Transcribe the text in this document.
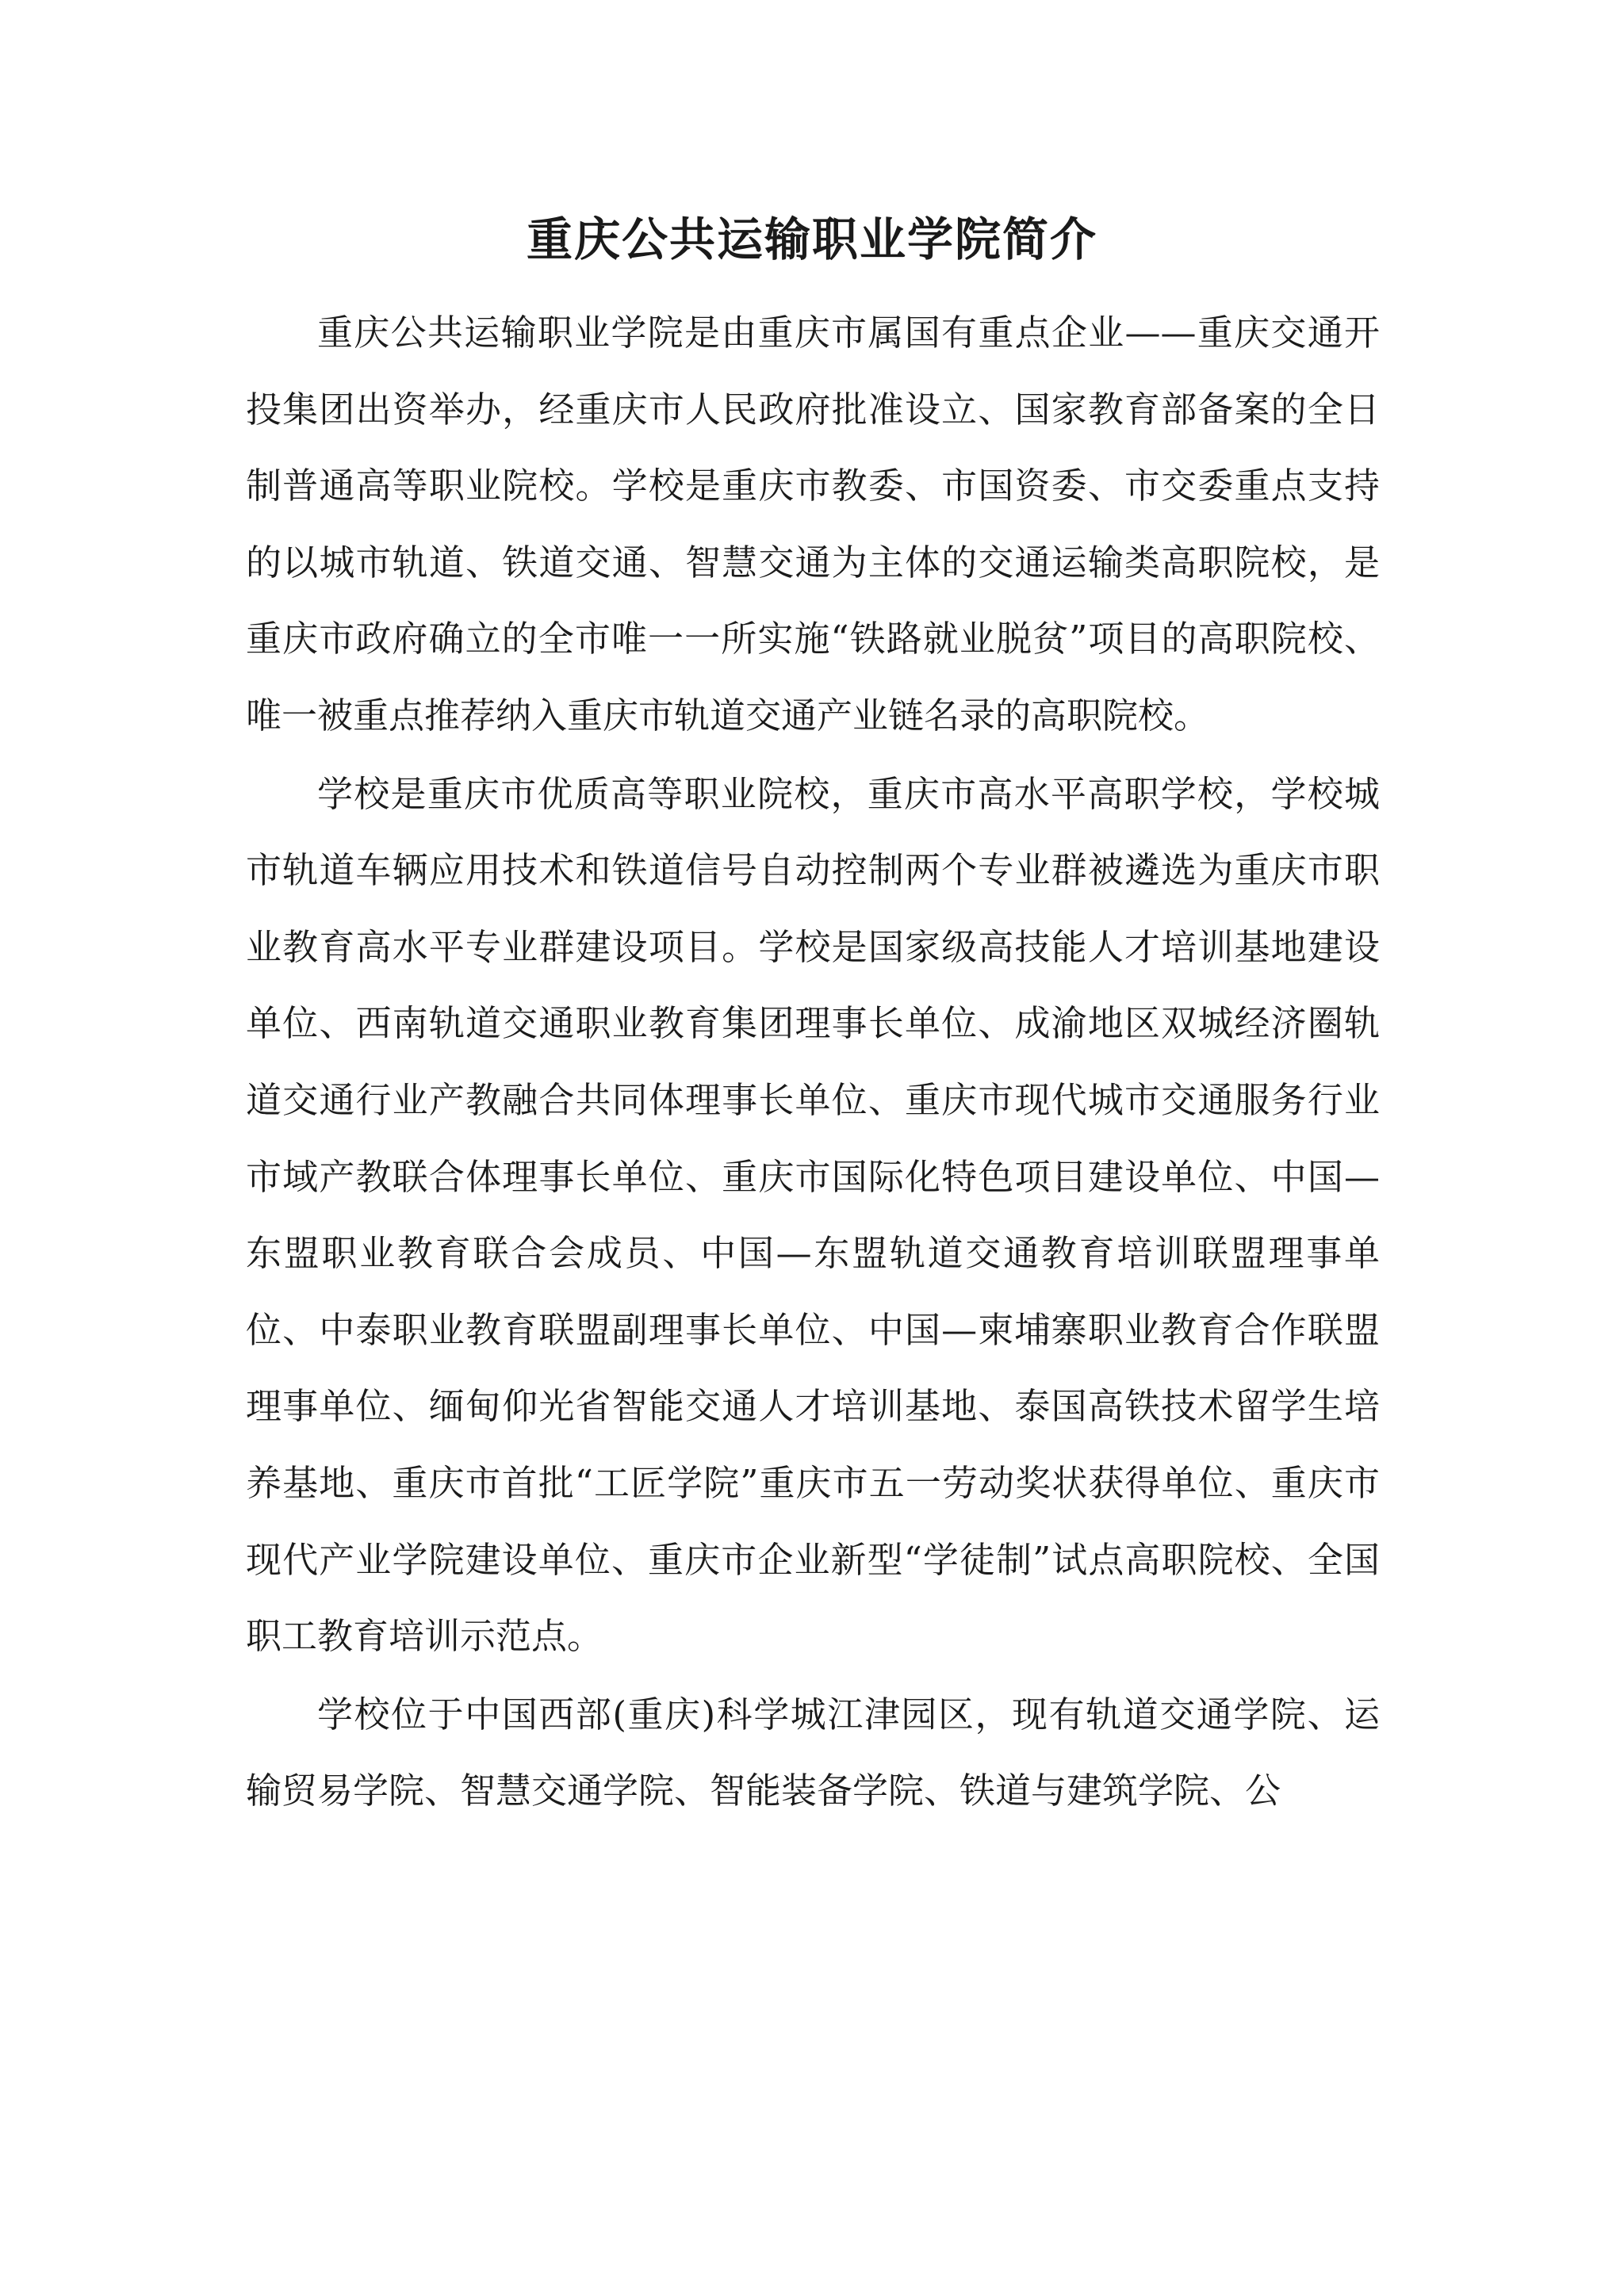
重庆公共运输职业学院简介

重庆公共运输职业学院是由重庆市属国有重点企业——重庆交通开投集团出资举办，经重庆市人民政府批准设立、国家教育部备案的全日制普通高等职业院校。学校是重庆市教委、市国资委、市交委重点支持的以城市轨道、铁道交通、智慧交通为主体的交通运输类高职院校，是重庆市政府确立的全市唯一一所实施“铁路就业脱贫”项目的高职院校、唯一被重点推荐纳入重庆市轨道交通产业链名录的高职院校。

学校是重庆市优质高等职业院校，重庆市高水平高职学校，学校城市轨道车辆应用技术和铁道信号自动控制两个专业群被遴选为重庆市职业教育高水平专业群建设项目。学校是国家级高技能人才培训基地建设单位、西南轨道交通职业教育集团理事长单位、成渝地区双城经济圈轨道交通行业产教融合共同体理事长单位、重庆市现代城市交通服务行业市域产教联合体理事长单位、重庆市国际化特色项目建设单位、中国—东盟职业教育联合会成员、中国—东盟轨道交通教育培训联盟理事单位、中泰职业教育联盟副理事长单位、中国—柬埔寨职业教育合作联盟理事单位、缅甸仰光省智能交通人才培训基地、泰国高铁技术留学生培养基地、重庆市首批“工匠学院”重庆市五一劳动奖状获得单位、重庆市现代产业学院建设单位、重庆市企业新型“学徒制”试点高职院校、全国职工教育培训示范点。

学校位于中国西部(重庆)科学城江津园区，现有轨道交通学院、运输贸易学院、智慧交通学院、智能装备学院、铁道与建筑学院、公
